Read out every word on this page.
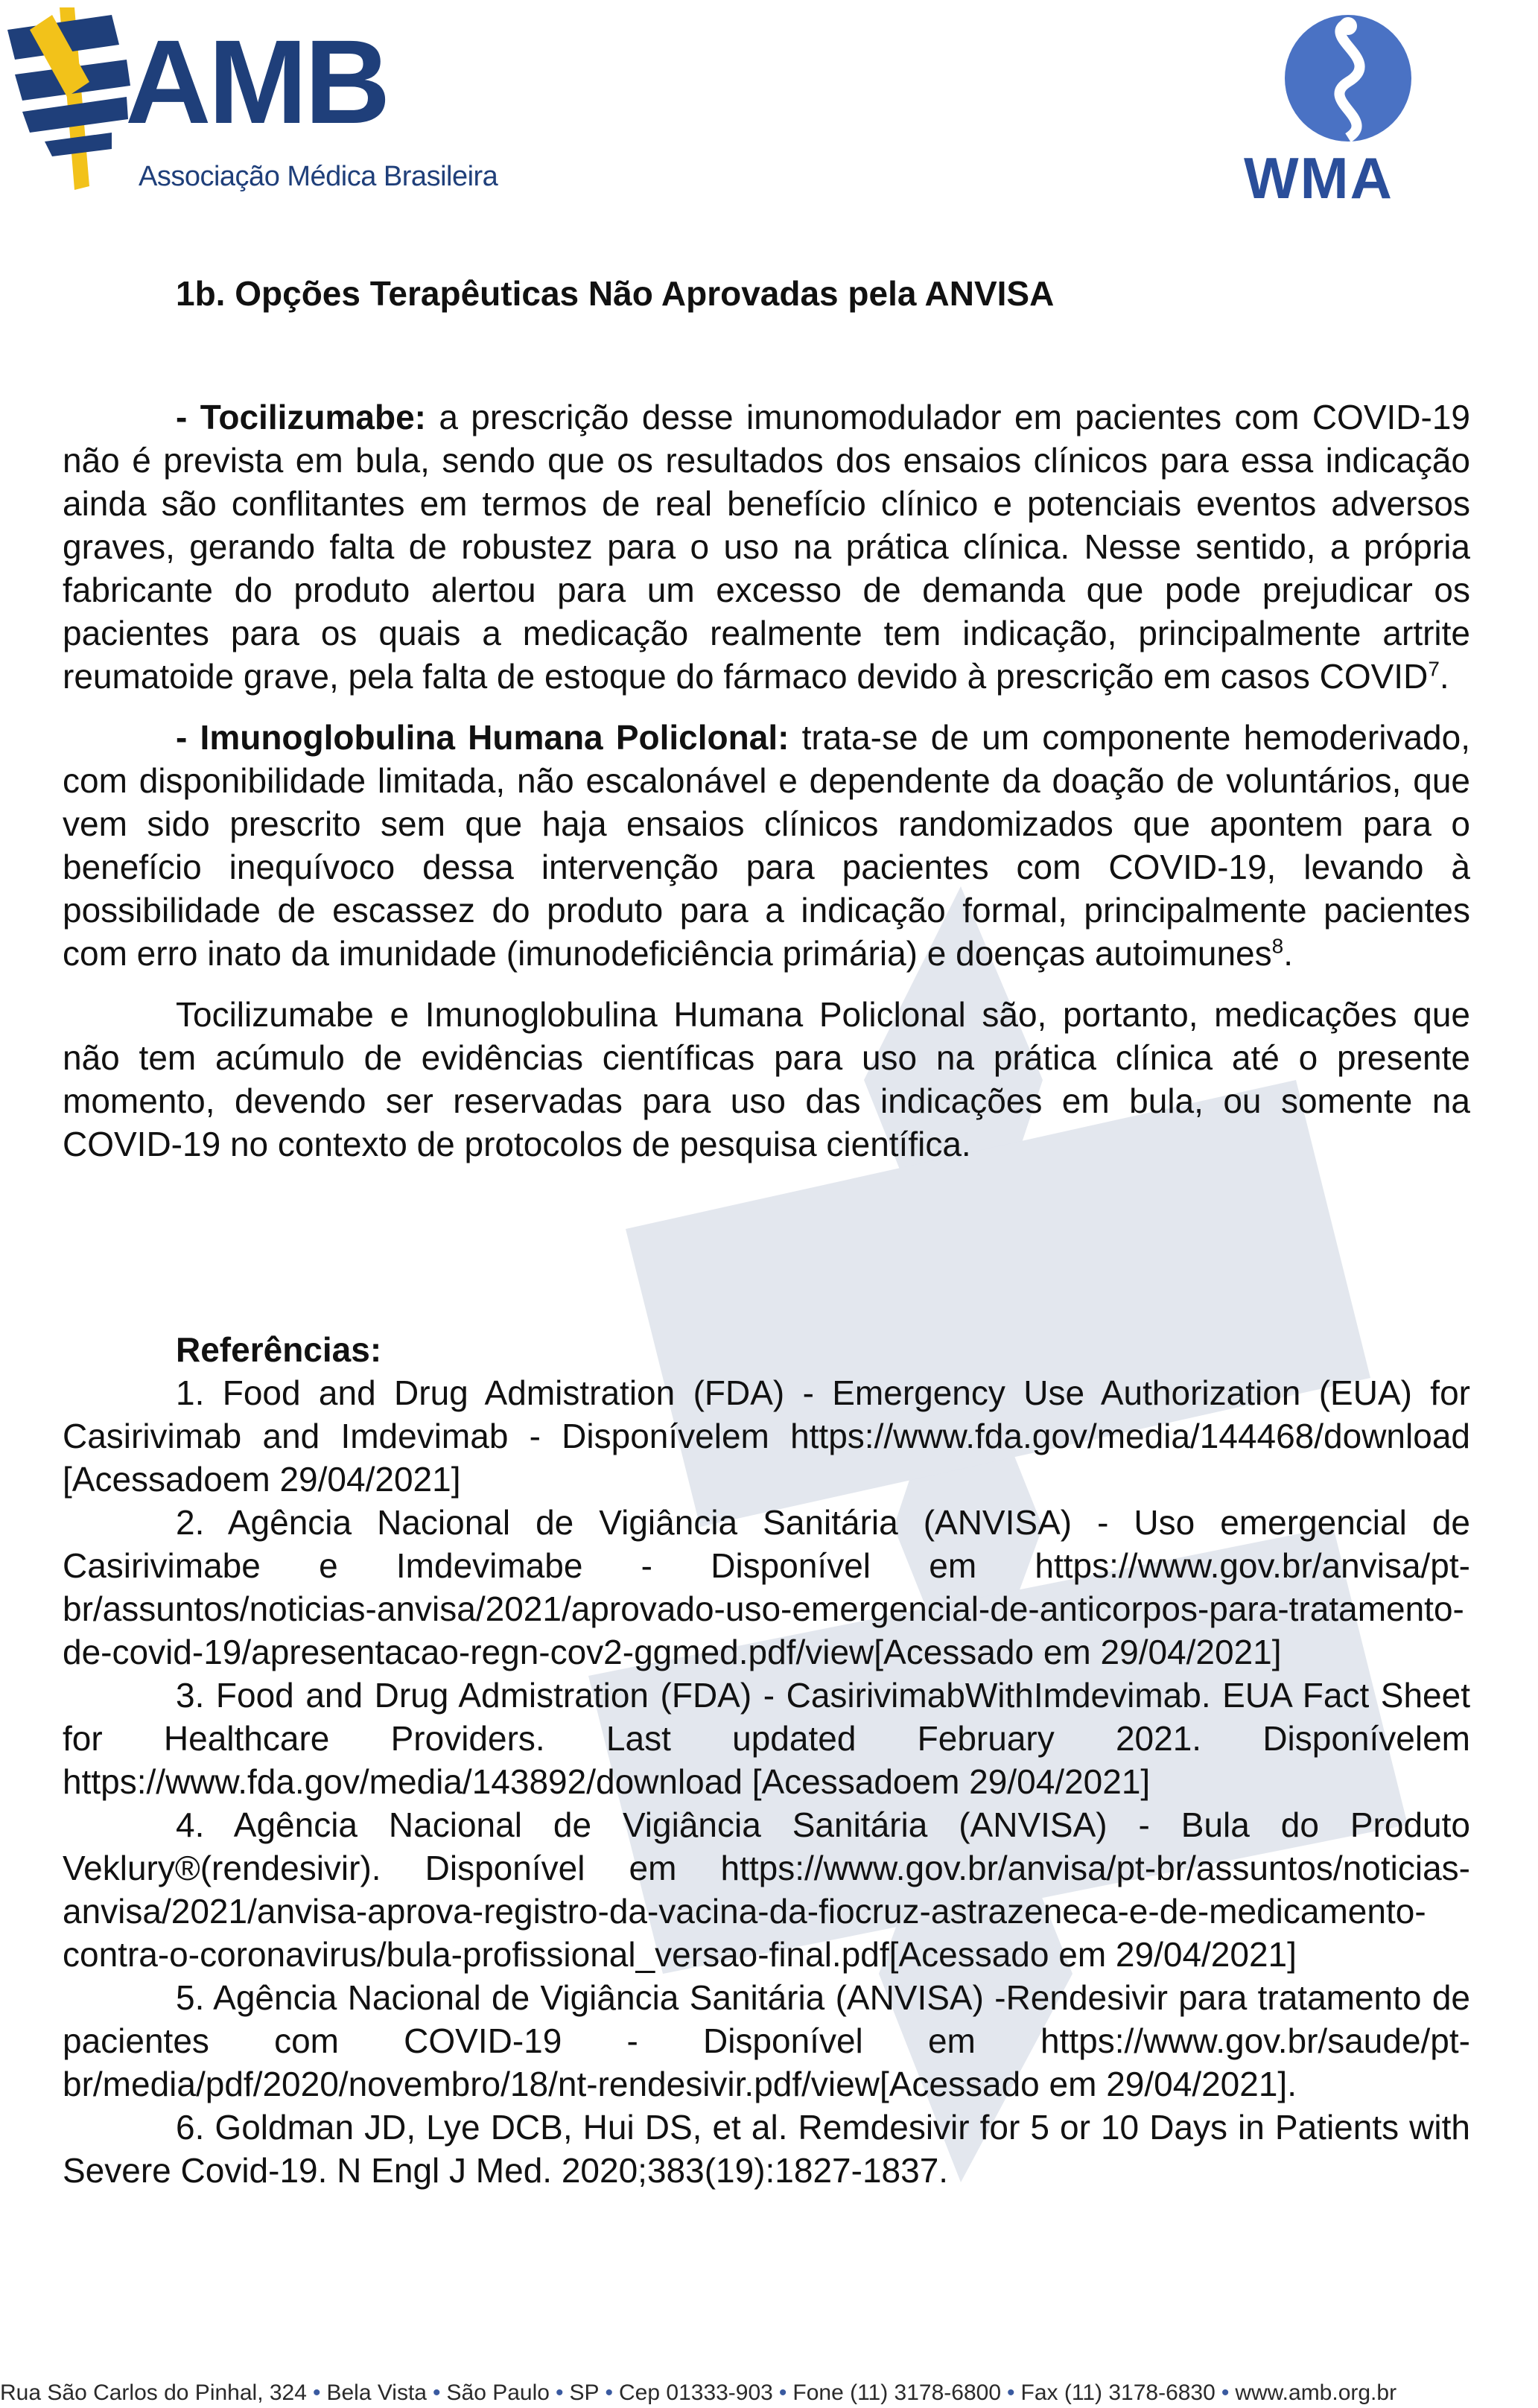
AMB
Associação Médica Brasileira	WMA
1b. Opções Terapêuticas Não Aprovadas pela ANVISA

- Tocilizumabe: a prescrição desse imunomodulador em pacientes com COVID-19 não é prevista em bula, sendo que os resultados dos ensaios clínicos para essa indicação ainda são conflitantes em termos de real benefício clínico e potenciais eventos adversos graves, gerando falta de robustez para o uso na prática clínica. Nesse sentido, a própria fabricante do produto alertou para um excesso de demanda que pode prejudicar os pacientes para os quais a medicação realmente tem indicação, principalmente artrite reumatoide grave, pela falta de estoque do fármaco devido à prescrição em casos COVID$^7$.

- Imunoglobulina Humana Policlonal: trata-se de um componente hemoderivado, com disponibilidade limitada, não escalonável e dependente da doação de voluntários, que vem sido prescrito sem que haja ensaios clínicos randomizados que apontem para o benefício inequívoco dessa intervenção para pacientes com COVID-19, levando à possibilidade de escassez do produto para a indicação formal, principalmente pacientes com erro inato da imunidade (imunodeficiência primária) e doenças autoimunes$^8$.

Tocilizumabe e Imunoglobulina Humana Policlonal são, portanto, medicações que não tem acúmulo de evidências científicas para uso na prática clínica até o presente momento, devendo ser reservadas para uso das indicações em bula, ou somente na COVID-19 no contexto de protocolos de pesquisa científica.

Referências:

1. Food and Drug Admistration (FDA) - Emergency Use Authorization (EUA) for Casirivimab and Imdevimab - Disponívelem https://www.fda.gov/media/144468/download [Acessadoem 29/04/2021]

2. Agência Nacional de Vigiância Sanitária (ANVISA) - Uso emergencial de Casirivimabe e Imdevimabe - Disponível em https://www.gov.br/anvisa/pt-br/assuntos/noticias-anvisa/2021/aprovado-uso-emergencial-de-anticorpos-para-tratamento-de-covid-19/apresentacao-regn-cov2-ggmed.pdf/view[Acessado em 29/04/2021]

3. Food and Drug Admistration (FDA) - CasirivimabWithImdevimab. EUA Fact Sheet for Healthcare Providers. Last updated February 2021. Disponívelem https://www.fda.gov/media/143892/download [Acessadoem 29/04/2021]

4. Agência Nacional de Vigiância Sanitária (ANVISA) - Bula do Produto Veklury®(rendesivir). Disponível em https://www.gov.br/anvisa/pt-br/assuntos/noticias-anvisa/2021/anvisa-aprova-registro-da-vacina-da-fiocruz-astrazeneca-e-de-medicamento-contra-o-coronavirus/bula-profissional_versao-final.pdf[Acessado em 29/04/2021]

5. Agência Nacional de Vigiância Sanitária (ANVISA) -Rendesivir para tratamento de pacientes com COVID-19 - Disponível em https://www.gov.br/saude/pt-br/media/pdf/2020/novembro/18/nt-rendesivir.pdf/view[Acessado em 29/04/2021].

6. Goldman JD, Lye DCB, Hui DS, et al. Remdesivir for 5 or 10 Days in Patients with Severe Covid-19. N Engl J Med. 2020;383(19):1827-1837.

Rua São Carlos do Pinhal, 324 • Bela Vista • São Paulo • SP • Cep 01333-903 • Fone (11) 3178-6800 • Fax (11) 3178-6830 • www.amb.org.br
